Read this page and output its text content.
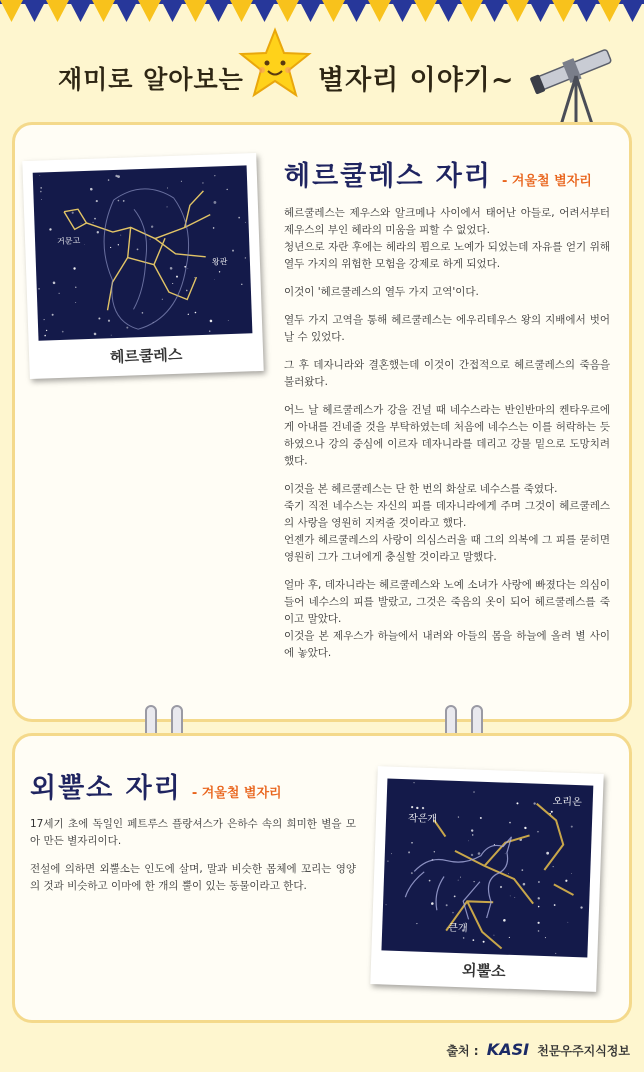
재미로 알아보는	별자리 이야기~
거문고
왕관
헤르쿨레스
헤르쿨레스 자리 - 겨울철 별자리

헤르쿨레스는 제우스와 알크메나 사이에서 태어난 아들로, 어려서부터 제우스의 부인 헤라의 미움을 피할 수 없었다.
청년으로 자란 후에는 헤라의 꾐으로 노예가 되었는데 자유를 얻기 위해 열두 가지의 위험한 모험을 강제로 하게 되었다.

이것이 '헤르쿨레스의 열두 가지 고역'이다.

열두 가지 고역을 통해 헤르쿨레스는 에우리테우스 왕의 지배에서 벗어날 수 있었다.

그 후 데자니라와 결혼했는데 이것이 간접적으로 헤르쿨레스의 죽음을 불러왔다.

어느 날 헤르쿨레스가 강을 건널 때 네수스라는 반인반마의 켄타우르에게 아내를 건네줄 것을 부탁하였는데 처음에 네수스는 이를 허락하는 듯 하였으나 강의 중심에 이르자 데자니라를 데리고 강물 밑으로 도망치려했다.

이것을 본 헤르쿨레스는 단 한 번의 화살로 네수스를 죽였다.
죽기 직전 네수스는 자신의 피를 데자니라에게 주며 그것이 헤르쿨레스의 사랑을 영원히 지켜줄 것이라고 했다.
언젠가 헤르쿨레스의 사랑이 의심스러울 때 그의 의복에 그 피를 묻히면 영원히 그가 그녀에게 충실할 것이라고 말했다.

얼마 후, 데자니라는 헤르쿨레스와 노예 소녀가 사랑에 빠졌다는 의심이 들어 네수스의 피를 발랐고, 그것은 죽음의 옷이 되어 헤르쿨레스를 죽이고 말았다.
이것을 본 제우스가 하늘에서 내려와 아들의 몸을 하늘에 올려 별 사이에 놓았다.

외뿔소 자리 - 겨울철 별자리

17세기 초에 독일인 페트루스 플랑셔스가 은하수 속의 희미한 별을 모아 만든 별자리이다.

전설에 의하면 외뿔소는 인도에 살며, 말과 비슷한 몸체에 꼬리는 영양의 것과 비슷하고 이마에 한 개의 뿔이 있는 동물이라고 한다.

작은개
오리온
큰개
외뿔소
출처 : KASI 천문우주지식정보
